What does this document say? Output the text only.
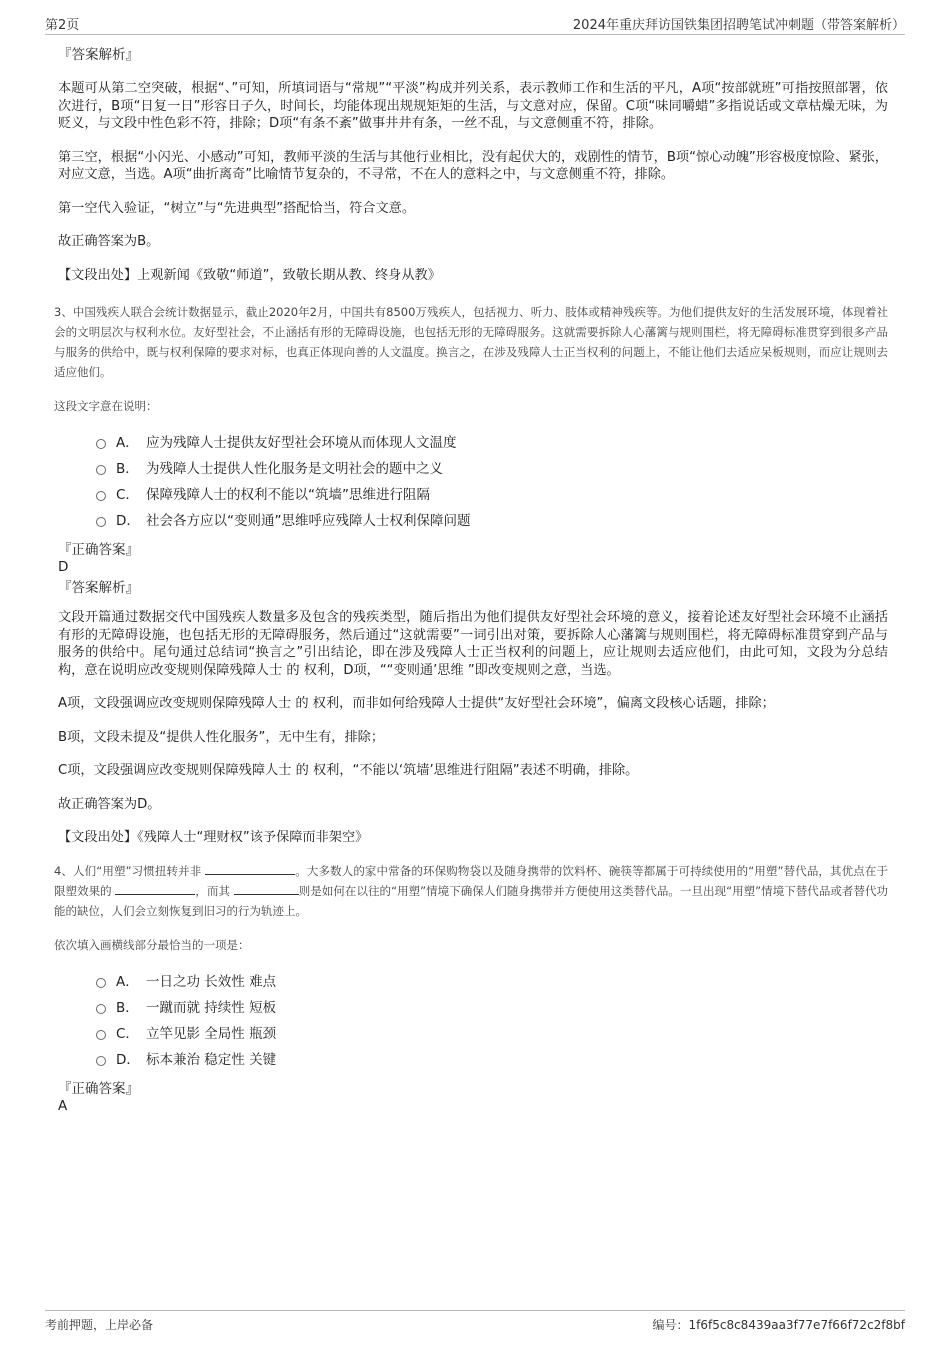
第2页	2024年重庆拜访国铁集团招聘笔试冲刺题（带答案解析）

『答案解析』

本题可从第二空突破，根据“、”可知，所填词语与“常规”“平淡”构成并列关系，表示教师工作和生活的平凡，A项“按部就班”可指按照部署，依次进行，B项“日复一日”形容日子久，时间长，均能体现出规规矩矩的生活，与文意对应，保留。C项“味同嚼蜡”多指说话或文章枯燥无味，为贬义，与文段中性色彩不符，排除；D项“有条不紊”做事井井有条，一丝不乱，与文意侧重不符，排除。

第三空，根据“小闪光、小感动”可知，教师平淡的生活与其他行业相比，没有起伏大的，戏剧性的情节，B项“惊心动魄”形容极度惊险、紧张，对应文意，当选。A项“曲折离奇”比喻情节复杂的，不寻常，不在人的意料之中，与文意侧重不符，排除。

第一空代入验证，“树立”与“先进典型”搭配恰当，符合文意。

故正确答案为B。

【文段出处】上观新闻《致敬“师道”，致敬长期从教、终身从教》

3、中国残疾人联合会统计数据显示，截止2020年2月，中国共有8500万残疾人，包括视力、听力、肢体或精神残疾等。为他们提供友好的生活发展环境，体现着社会的文明层次与权利水位。友好型社会，不止涵括有形的无障碍设施，也包括无形的无障碍服务。这就需要拆除人心藩篱与规则围栏，将无障碍标准贯穿到很多产品与服务的供给中，既与权利保障的要求对标，也真正体现向善的人文温度。换言之，在涉及残障人士正当权利的问题上，不能让他们去适应呆板规则，而应让规则去适应他们。

这段文字意在说明：

A． 应为残障人士提供友好型社会环境从而体现人文温度
B． 为残障人士提供人性化服务是文明社会的题中之义
C． 保障残障人士的权利不能以“筑墙”思维进行阻隔
D． 社会各方应以“变则通”思维呼应残障人士权利保障问题

『正确答案』

D

『答案解析』

文段开篇通过数据交代中国残疾人数量多及包含的残疾类型，随后指出为他们提供友好型社会环境的意义，接着论述友好型社会环境不止涵括有形的无障碍设施，也包括无形的无障碍服务，然后通过“这就需要”一词引出对策，要拆除人心藩篱与规则围栏，将无障碍标准贯穿到产品与服务的供给中。尾句通过总结词“换言之”引出结论，即在涉及残障人士正当权利的问题上，应让规则去适应他们，由此可知，文段为分总结构，意在说明应改变规则保障残障人士 的 权利，D项，““变则通’思维 ”即改变规则之意，当选。

A项，文段强调应改变规则保障残障人士 的 权利，而非如何给残障人士提供“友好型社会环境”，偏离文段核心话题，排除；

B项，文段未提及“提供人性化服务”，无中生有，排除；

C项，文段强调应改变规则保障残障人士 的 权利，“不能以‘筑墙’思维进行阻隔”表述不明确，排除。

故正确答案为D。

【文段出处】《残障人士“理财权”该予保障而非架空》

4、人们“用塑”习惯扭转并非	。大多数人的家中常备的环保购物袋以及随身携带的饮料杯、碗筷等都属于可持续使用的“用塑”替代品，其优点在于限塑效果的	，而其	则是如何在以往的“用塑”情境下确保人们随身携带并方便使用这类替代品。一旦出现“用塑”情境下替代品或者替代功能的缺位，人们会立刻恢复到旧习的行为轨迹上。

依次填入画横线部分最恰当的一项是：

A． 一日之功 长效性 难点
B． 一蹴而就 持续性 短板
C． 立竿见影 全局性 瓶颈
D． 标本兼治 稳定性 关键

『正确答案』

A

考前押题，上岸必备	编号：1f6f5c8c8439aa3f77e7f66f72c2f8bf
